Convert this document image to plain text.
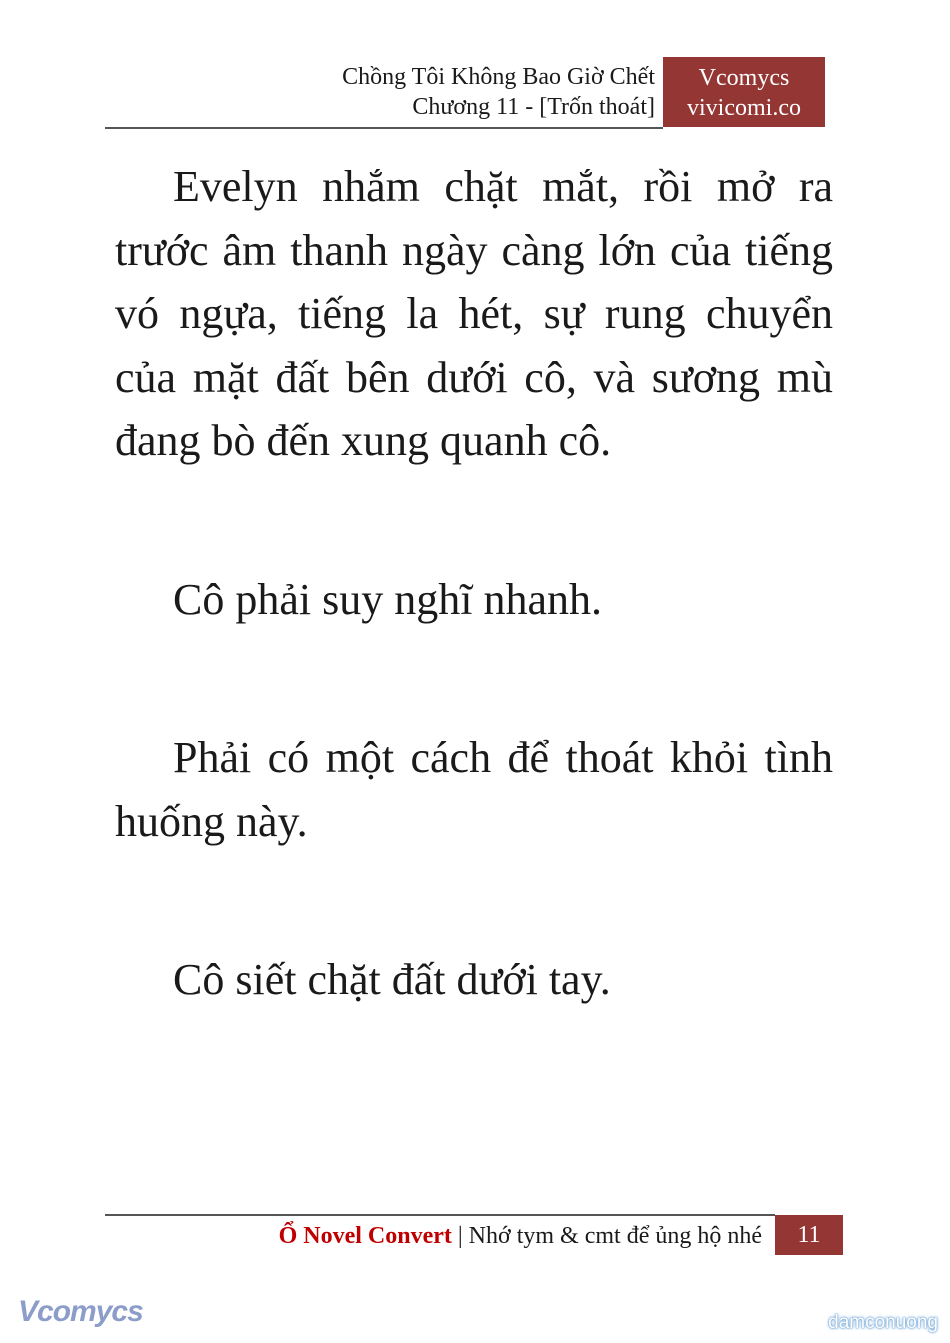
Chồng Tôi Không Bao Giờ Chết
Chương 11 - [Trốn thoát]
Vcomycs
vivicomi.co

Evelyn nhắm chặt mắt, rồi mở ra trước âm thanh ngày càng lớn của tiếng vó ngựa, tiếng la hét, sự rung chuyển của mặt đất bên dưới cô, và sương mù đang bò đến xung quanh cô.

Cô phải suy nghĩ nhanh.

Phải có một cách để thoát khỏi tình huống này.

Cô siết chặt đất dưới tay.

Ổ Novel Convert | Nhớ tym & cmt để ủng hộ nhé	11
Vcomycs	damconuong
